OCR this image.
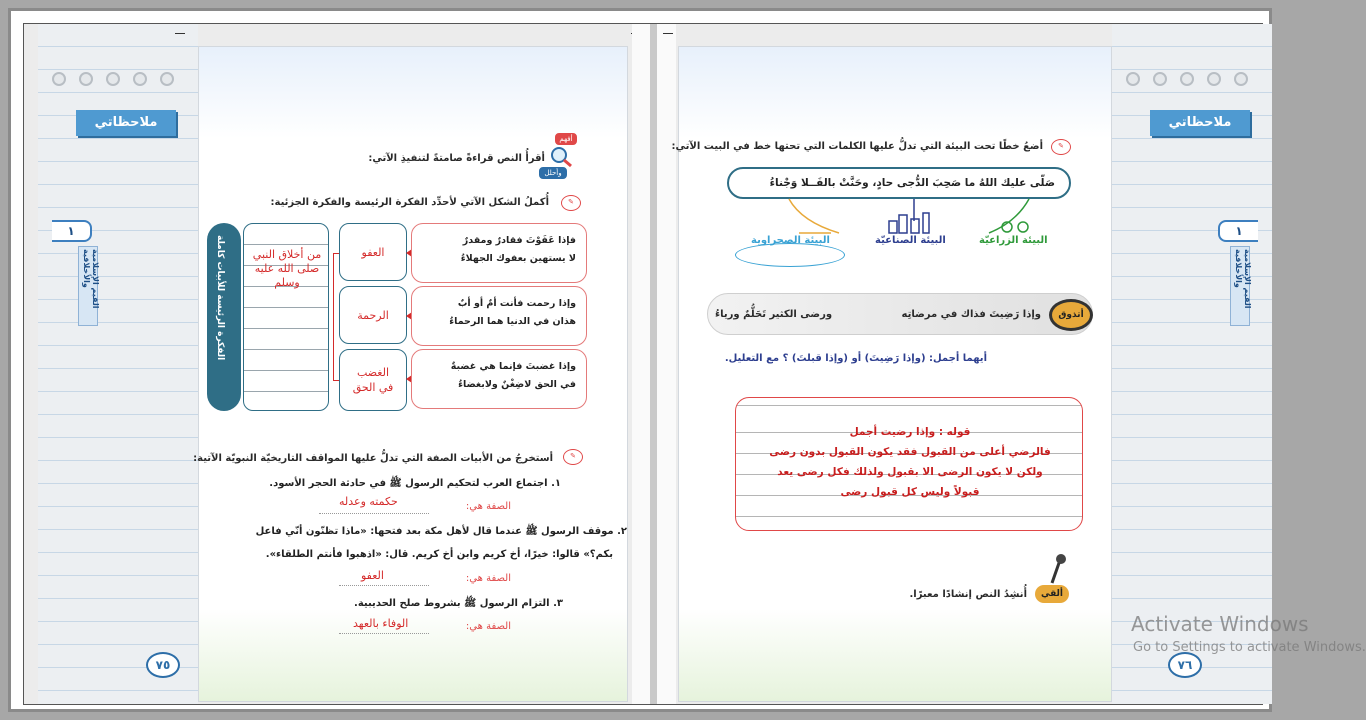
ملاحظاتي
١
القيم الإسلامية والأخلاقية
٧٥
أفهم
وأحلل
أقرأُ النص قراءةً صامتةً لتنفيذِ الآتي:
✎
أُكملُ الشكل الآتي لأحدِّد الفكرة الرئيسة والفكرة الجزئية:
الفكرة الرئيسة للأبيات كاملة	من أخلاق النبي صلى الله عليه وسلم
العفو
الرحمة
الغضب في الحق
فإذا عَفَوْتَ فقادرٌ ومقدرٌ
لا يستهين بعفوك الجهلاءُ
وإذا رحمت فأنت أمٌ أو أبٌ
هذان في الدنيا هما الرحماءُ
وإذا غضبتَ فإنما هي غضبةٌ
في الحق لاضِغْنٌ ولابغضاءُ
✎
أستخرجُ من الأبيات الصفة التي تدلُّ عليها المواقف التاريخيّة النبويّة الآتية:
١. اجتماع العرب لتحكيم الرسول ﷺ في حادثة الحجر الأسود.
الصفة هي:
حكمته وعدله
٢. موقف الرسول ﷺ عندما قال لأهل مكة بعد فتحها: «ماذا تظنّون أنّي فاعل
بكم؟» قالوا: خيرًا، أخ كريم وابن أخ كريم. قال: «اذهبوا فأنتم الطلقاء».
الصفة هي:
العفو
٣. التزام الرسول ﷺ بشروط صلح الحديبية.
الصفة هي:
الوفاء بالعهد
✎
أضعُ خطًا تحت البيئة التي تدلُّ عليها الكلمات التي تحتها خط في البيت الآتي:
صَلّى عليك اللهُ ما صَحِبَ الدُّجى حادٍ، وحَنَّتْ بالفَــلا وَجْناءُ
البيئة الزراعيّة
البيئة الصناعيّة
البيئة الصحراوية
أتذوق
وإذا رَضِيتَ فذاك في مرضاتِه
ورضى الكثير تَحَلُّمٌ ورياءُ
أيهما أجمل: (وإذا رَضِيتَ) أو (وإذا قبلتَ) ؟ مع التعليل.
قوله : وإذا رضيت أجمل
فالرضي أعلى من القبول فقد يكون القبول بدون رضى
ولكن لا يكون الرضى الا بقبول ولذلك فكل رضى يعد
قبولاً وليس كل قبول رضى
ألقي
أُنشِدُ النص إنشادًا معبرًا.
ملاحظاتي
١
القيم الإسلامية والأخلاقية
٧٦
Activate Windows
Go to Settings to activate Windows.
